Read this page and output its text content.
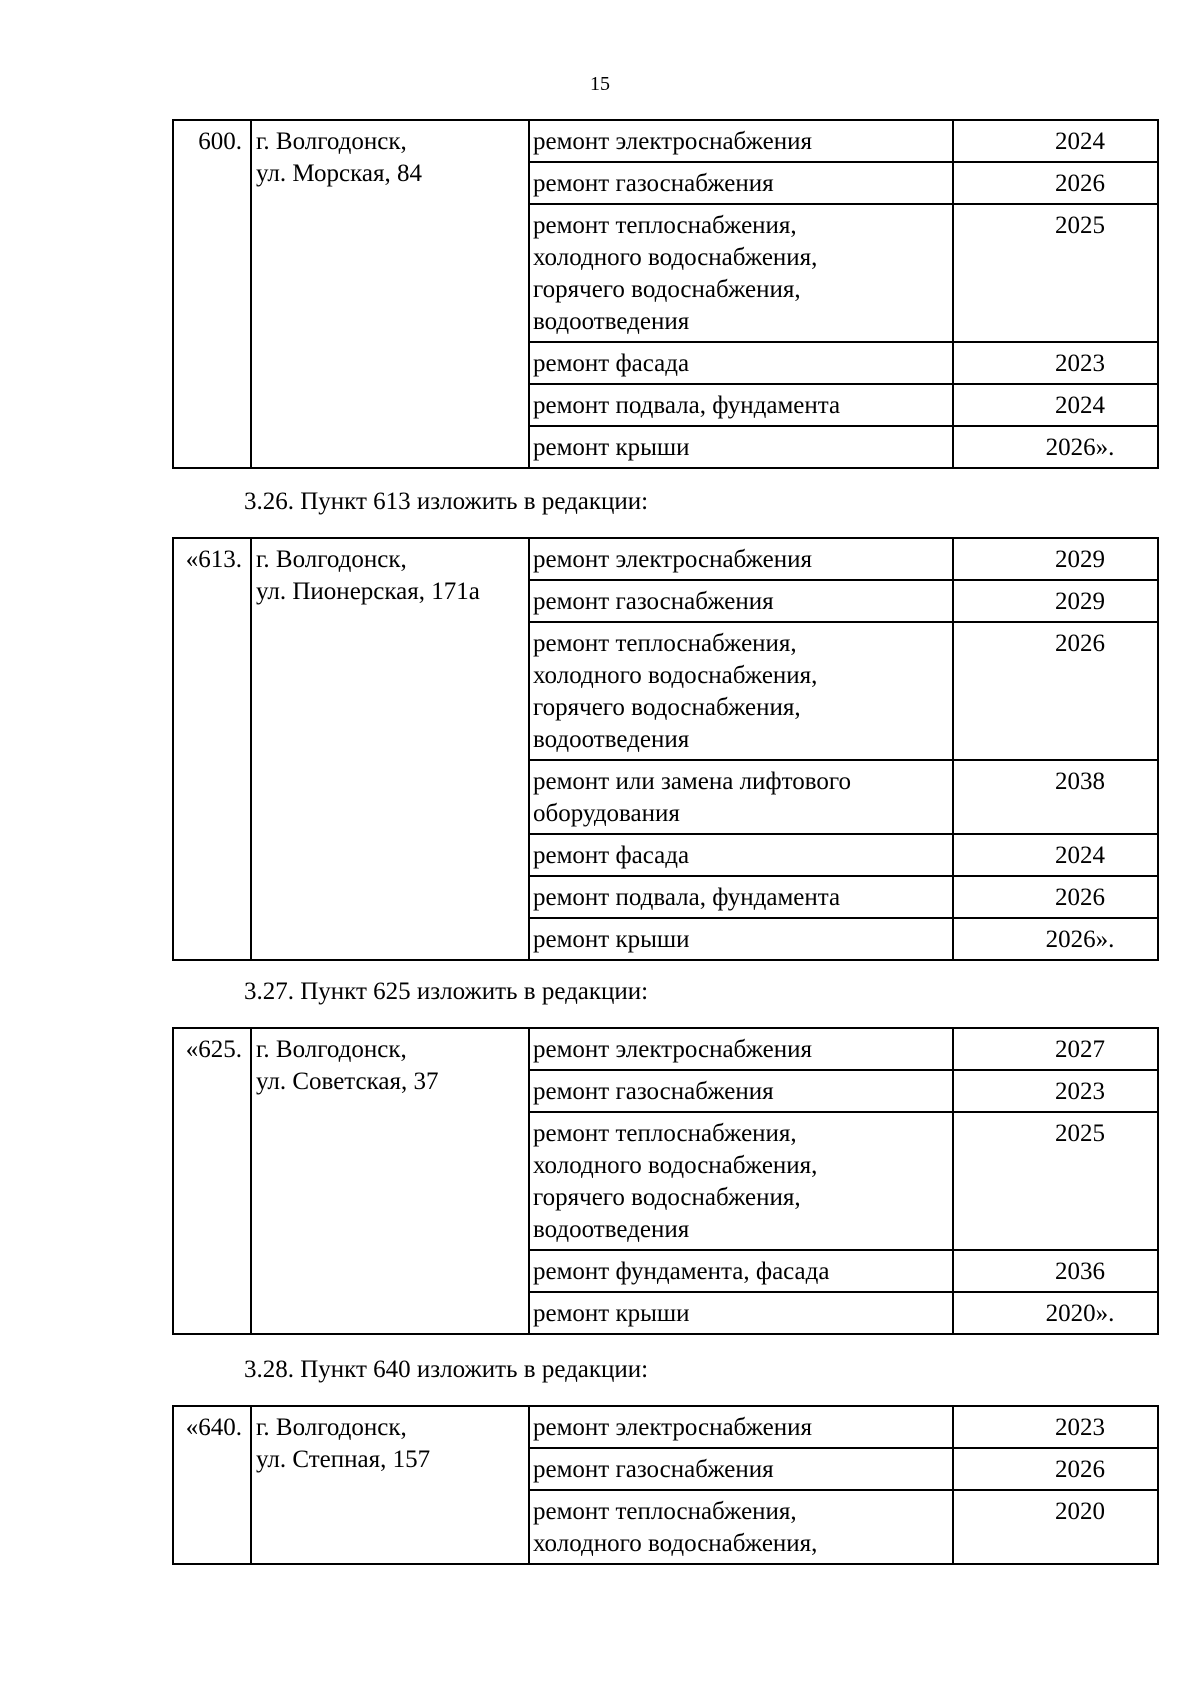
15
600.	г. Волгодонск,
ул. Морская, 84	ремонт электроснабжения	2024
		ремонт газоснабжения	2026
		ремонт теплоснабжения,
холодного водоснабжения,
горячего водоснабжения,
водоотведения	2025
		ремонт фасада	2023
		ремонт подвала, фундамента	2024
		ремонт крыши	2026».
3.26. Пункт 613 изложить в редакции:
«613.	г. Волгодонск,
ул. Пионерская, 171а	ремонт электроснабжения	2029
		ремонт газоснабжения	2029
		ремонт теплоснабжения,
холодного водоснабжения,
горячего водоснабжения,
водоотведения	2026
		ремонт или замена лифтового
оборудования	2038
		ремонт фасада	2024
		ремонт подвала, фундамента	2026
		ремонт крыши	2026».
3.27. Пункт 625 изложить в редакции:
«625.	г. Волгодонск,
ул. Советская, 37	ремонт электроснабжения	2027
		ремонт газоснабжения	2023
		ремонт теплоснабжения,
холодного водоснабжения,
горячего водоснабжения,
водоотведения	2025
		ремонт фундамента, фасада	2036
		ремонт крыши	2020».
3.28. Пункт 640 изложить в редакции:
«640.	г. Волгодонск,
ул. Степная, 157	ремонт электроснабжения	2023
		ремонт газоснабжения	2026
		ремонт теплоснабжения,
холодного водоснабжения,	2020
